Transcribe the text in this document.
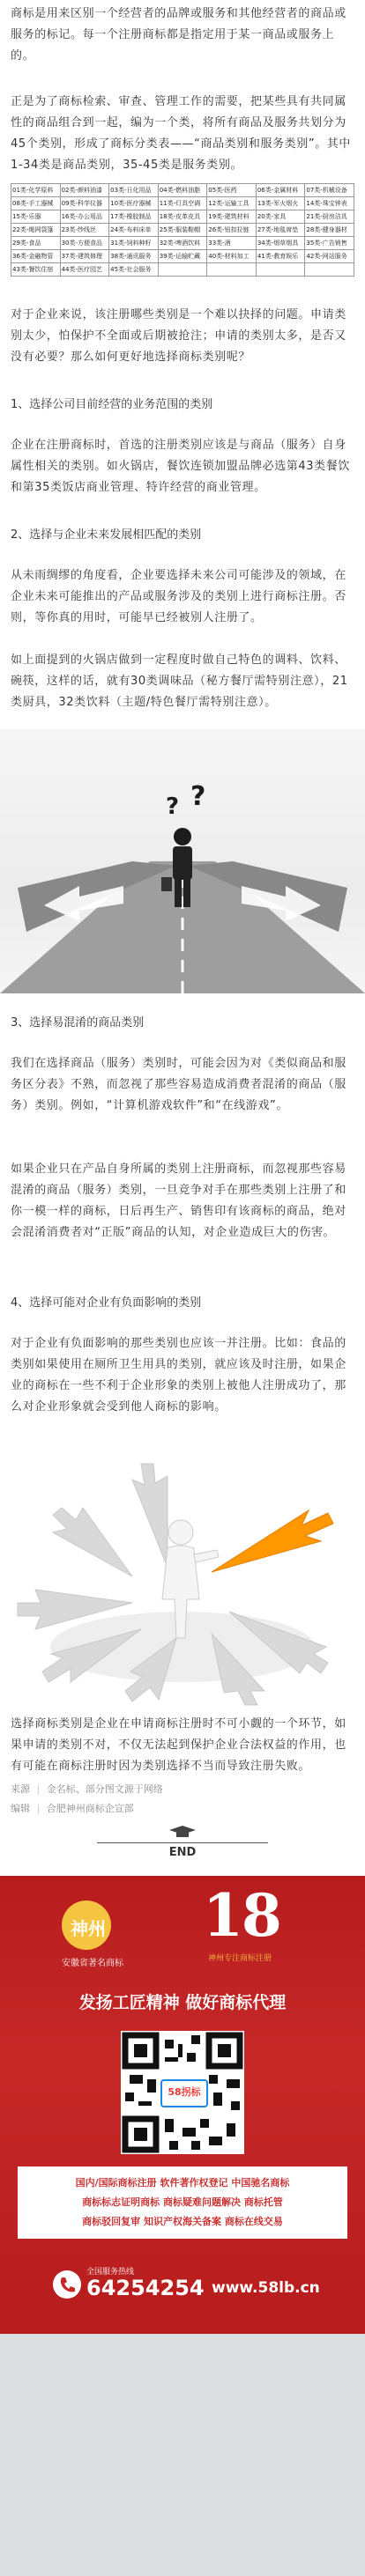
商标是用来区别一个经营者的品牌或服务和其他经营者的商品或服务的标记。每一个注册商标都是指定用于某一商品或服务上的。
正是为了商标检索、审查、管理工作的需要，把某些具有共同属性的商品组合到一起，编为一个类，将所有商品及服务共划分为45个类别，形成了商标分类表——“商品类别和服务类别”。其中1-34类是商品类别，35-45类是服务类别。
01类-化学原料	02类-颜料油漆	03类-日化用品	04类-燃料油脂	05类-医药	06类-金属材料	07类-机械设备
08类-手工器械	09类-科学仪器	10类-医疗器械	11类-灯具空调	12类-运输工具	13类-军火烟火	14类-珠宝钟表
15类-乐器	16类-办公用品	17类-橡胶制品	18类-皮革皮具	19类-建筑材料	20类-家具	21类-厨房洁具
22类-绳网袋篷	23类-纱线丝	24类-布料床单	25类-服装鞋帽	26类-钮扣拉链	27类-地毯席垫	28类-健身器材
29类-食品	30类-方便食品	31类-饲料种籽	32类-啤酒饮料	33类-酒	34类-烟草烟具	35类-广告销售
36类-金融物管	37类-建筑修理	38类-通讯服务	39类-运输贮藏	40类-材料加工	41类-教育娱乐	42类-网站服务
43类-餐饮住宿	44类-医疗园艺	45类-社会服务				
对于企业来说，该注册哪些类别是一个难以抉择的问题。申请类别太少，怕保护不全面或后期被抢注；申请的类别太多，是否又没有必要？那么如何更好地选择商标类别呢？
1、选择公司目前经营的业务范围的类别
企业在注册商标时，首选的注册类别应该是与商品（服务）自身属性相关的类别。如火锅店，餐饮连锁加盟品牌必选第43类餐饮和第35类饭店商业管理、特许经营的商业管理。
2、选择与企业未来发展相匹配的类别
从未雨绸缪的角度看，企业要选择未来公司可能涉及的领域，在企业未来可能推出的产品或服务涉及的类别上进行商标注册。否则，等你真的用时，可能早已经被别人注册了。
如上面提到的火锅店做到一定程度时做自己特色的调料、饮料、碗筷，这样的话，就有30类调味品（秘方餐厅需特别注意），21类厨具，32类饮料（主题/特色餐厅需特别注意）。
? ?
3、选择易混淆的商品类别
我们在选择商品（服务）类别时，可能会因为对《类似商品和服务区分表》不熟，而忽视了那些容易造成消费者混淆的商品（服务）类别。例如，“计算机游戏软件”和“在线游戏”。
如果企业只在产品自身所属的类别上注册商标，而忽视那些容易混淆的商品（服务）类别，一旦竞争对手在那些类别上注册了和你一模一样的商标，日后再生产、销售印有该商标的商品，绝对会混淆消费者对“正版”商品的认知，对企业造成巨大的伤害。
4、选择可能对企业有负面影响的类别
对于企业有负面影响的那些类别也应该一并注册。比如：食品的类别如果使用在厕所卫生用具的类别，就应该及时注册，如果企业的商标在一些不利于企业形象的类别上被他人注册成功了，那么对企业形象就会受到他人商标的影响。
选择商标类别是企业在申请商标注册时不可小觑的一个环节，如果申请的类别不对，不仅无法起到保护企业合法权益的作用，也有可能在商标注册时因为类别选择不当而导致注册失败。
来源 | 金名标、部分图文源于网络
编辑 | 合肥神州商标企宣部
END
神州
安徽省著名商标
18
神州专注商标注册
发扬工匠精神 做好商标代理
58拐标
国内/国际商标注册 软件著作权登记 中国驰名商标
商标标志证明商标 商标疑难问题解决 商标托管
商标驳回复审 知识产权海关备案 商标在线交易
全国服务热线
64254254 www.58lb.cn
